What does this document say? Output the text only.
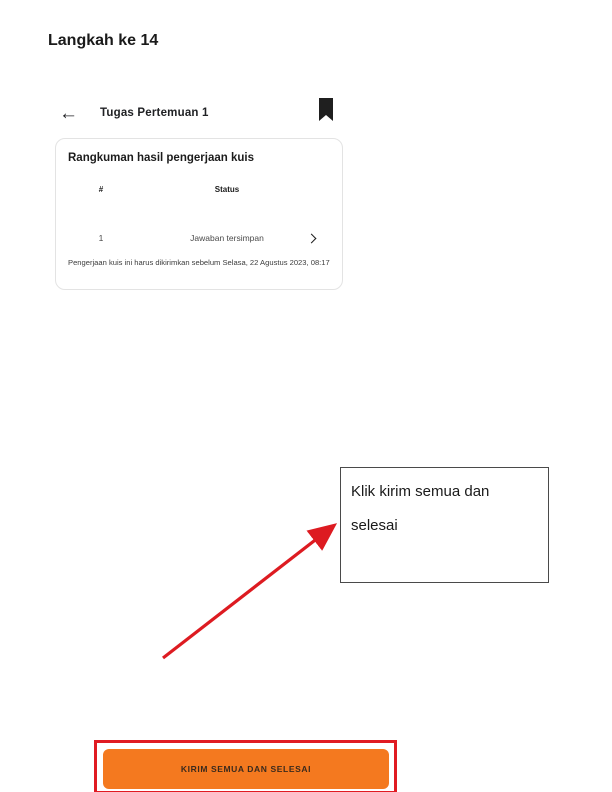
Langkah ke 14
← Tugas Pertemuan 1
Rangkuman hasil pengerjaan kuis
#	Status
1	Jawaban tersimpan
Pengerjaan kuis ini harus dikirimkan sebelum Selasa, 22 Agustus 2023, 08:17
KIRIM SEMUA DAN SELESAI
Klik kirim semua dan selesai
